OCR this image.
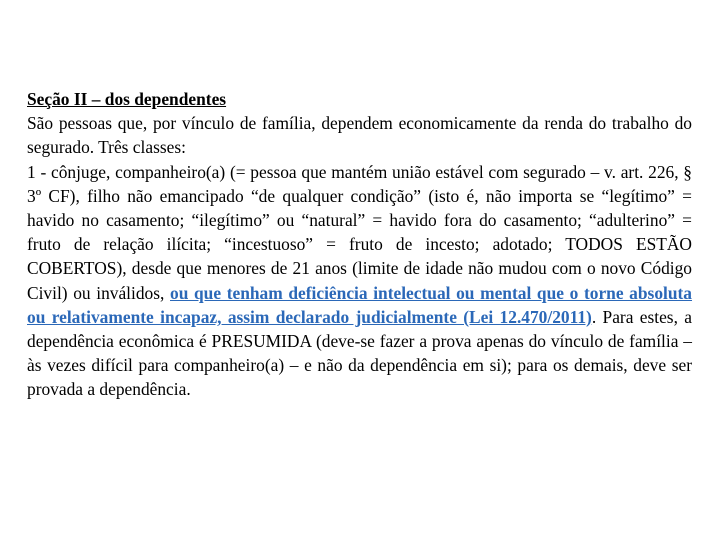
Seção II – dos dependentes

São pessoas que, por vínculo de família, dependem economicamente da renda do trabalho do segurado. Três classes:

1 - cônjuge, companheiro(a) (= pessoa que mantém união estável com segurado – v. art. 226, § 3º CF), filho não emancipado “de qualquer condição” (isto é, não importa se “legítimo” = havido no casamento; “ilegítimo” ou “natural” = havido fora do casamento; “adulterino” = fruto de relação ilícita; “incestuoso” = fruto de incesto; adotado; TODOS ESTÃO COBERTOS), desde que menores de 21 anos (limite de idade não mudou com o novo Código Civil) ou inválidos, ou que tenham deficiência intelectual ou mental que o torne absoluta ou relativamente incapaz, assim declarado judicialmente (Lei 12.470/2011). Para estes, a dependência econômica é PRESUMIDA (deve-se fazer a prova apenas do vínculo de família – às vezes difícil para companheiro(a) – e não da dependência em si); para os demais, deve ser provada a dependência.
